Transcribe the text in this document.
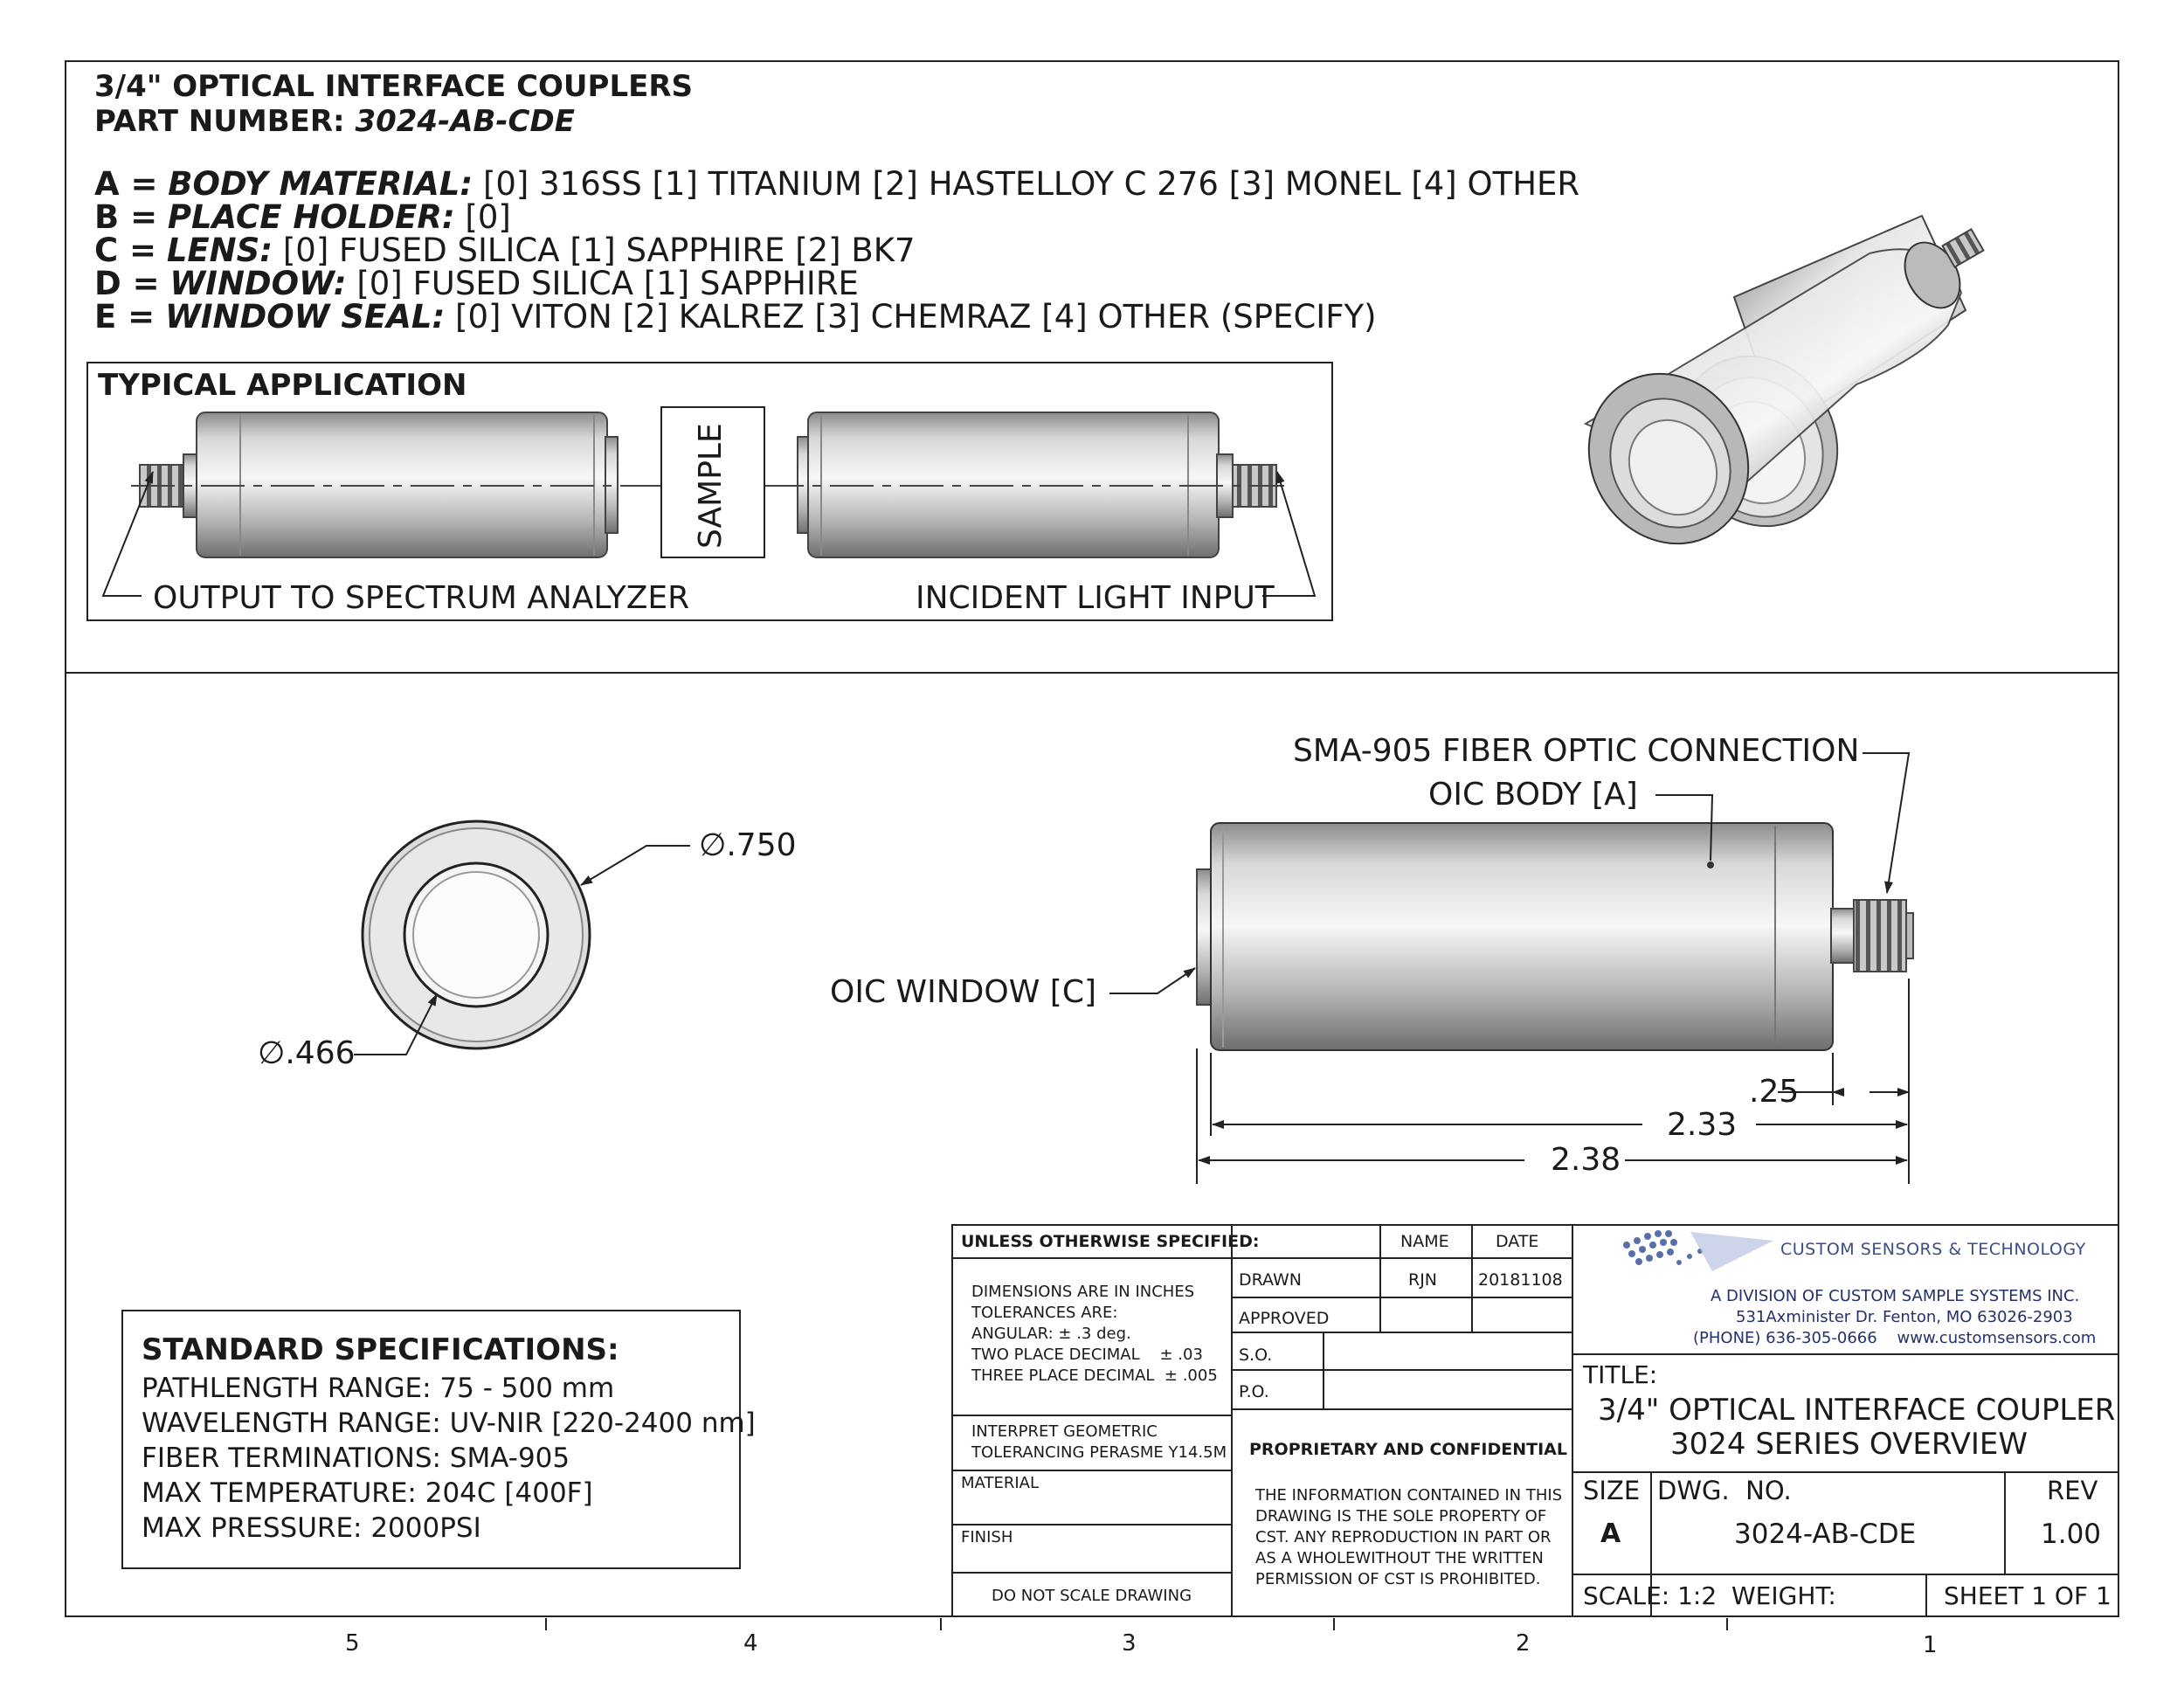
3/4" OPTICAL INTERFACE COUPLERS
PART NUMBER: 3024-AB-CDE
A = BODY MATERIAL: [0] 316SS [1] TITANIUM [2] HASTELLOY C 276 [3] MONEL [4] OTHER
B = PLACE HOLDER: [0]
C = LENS: [0] FUSED SILICA [1] SAPPHIRE [2] BK7
D = WINDOW: [0] FUSED SILICA [1] SAPPHIRE
E = WINDOW SEAL: [0] VITON [2] KALREZ [3] CHEMRAZ [4] OTHER (SPECIFY)
TYPICAL APPLICATION
SAMPLE
OUTPUT TO SPECTRUM ANALYZER	INCIDENT LIGHT INPUT
∅.750
∅.466
SMA-905 FIBER OPTIC CONNECTION
OIC BODY [A]
OIC WINDOW [C]
.25
2.33
2.38
STANDARD SPECIFICATIONS:
PATHLENGTH RANGE: 75 - 500 mm
WAVELENGTH RANGE: UV-NIR [220-2400 nm]
FIBER TERMINATIONS: SMA-905
MAX TEMPERATURE: 204C [400F]
MAX PRESSURE: 2000PSI
UNLESS OTHERWISE SPECIFIED:	NAME	DATE
DIMENSIONS ARE IN INCHES
TOLERANCES ARE:
ANGULAR: ± .3 deg.
TWO PLACE DECIMAL    ± .03
THREE PLACE DECIMAL  ± .005
DRAWN	RJN 20181108
APPROVED
S.O.
P.O.
INTERPRET GEOMETRIC
TOLERANCING PERASME Y14.5M
MATERIAL
FINISH
DO NOT SCALE DRAWING
PROPRIETARY AND CONFIDENTIAL
THE INFORMATION CONTAINED IN THIS
DRAWING IS THE SOLE PROPERTY OF
CST. ANY REPRODUCTION IN PART OR
AS A WHOLEWITHOUT THE WRITTEN
PERMISSION OF CST IS PROHIBITED.
CUSTOM SENSORS & TECHNOLOGY
A DIVISION OF CUSTOM SAMPLE SYSTEMS INC.
531Axminister Dr. Fenton, MO 63026-2903
(PHONE) 636-305-0666    www.customsensors.com
TITLE:
3/4" OPTICAL INTERFACE COUPLER
3024 SERIES OVERVIEW
SIZE
A
DWG.  NO.
3024-AB-CDE
REV
1.00
SCALE: 1:2 WEIGHT:	SHEET 1 OF 1
5	4	3	2	1
